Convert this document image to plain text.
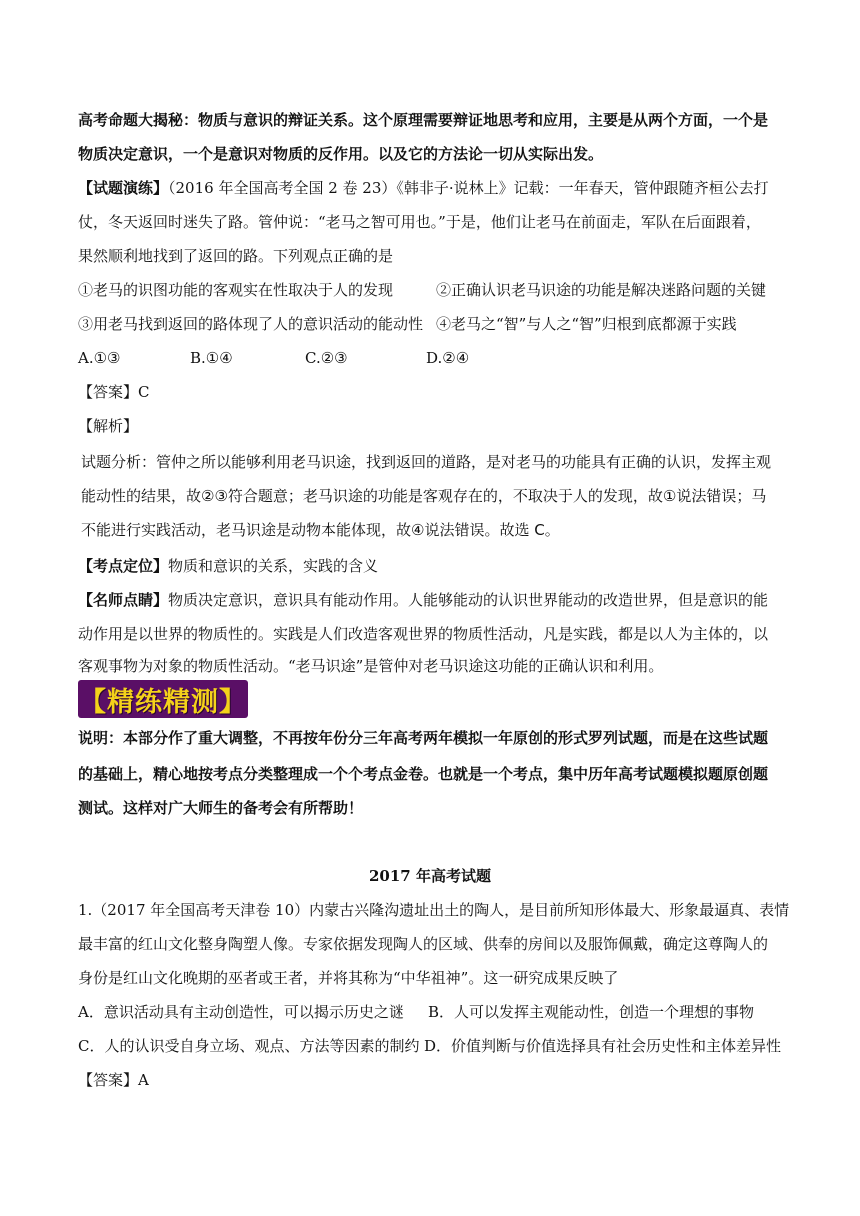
高考命题大揭秘：物质与意识的辩证关系。这个原理需要辩证地思考和应用，主要是从两个方面，一个是
物质决定意识，一个是意识对物质的反作用。以及它的方法论一切从实际出发。
【试题演练】（2016 年全国高考全国 2 卷 23）《韩非子·说林上》记载：一年春天，管仲跟随齐桓公去打
仗，冬天返回时迷失了路。管仲说：“老马之智可用也。”于是，他们让老马在前面走，军队在后面跟着，
果然顺利地找到了返回的路。下列观点正确的是
①老马的识图功能的客观实在性取决于人的发现	②正确认识老马识途的功能是解决迷路问题的关键
③用老马找到返回的路体现了人的意识活动的能动性 ④老马之“智”与人之“智”归根到底都源于实践
A.①③	B.①④	C.②③	D.②④
【答案】C
【解析】
试题分析：管仲之所以能够利用老马识途，找到返回的道路，是对老马的功能具有正确的认识，发挥主观
能动性的结果，故②③符合题意；老马识途的功能是客观存在的，不取决于人的发现，故①说法错误；马
不能进行实践活动，老马识途是动物本能体现，故④说法错误。故选 C。
【考点定位】物质和意识的关系，实践的含义
【名师点睛】物质决定意识，意识具有能动作用。人能够能动的认识世界能动的改造世界，但是意识的能
动作用是以世界的物质性的。实践是人们改造客观世界的物质性活动，凡是实践，都是以人为主体的，以
客观事物为对象的物质性活动。“老马识途”是管仲对老马识途这功能的正确认识和利用。
【精练精测】
说明：本部分作了重大调整，不再按年份分三年高考两年模拟一年原创的形式罗列试题，而是在这些试题
的基础上，精心地按考点分类整理成一个个考点金卷。也就是一个考点，集中历年高考试题模拟题原创题
测试。这样对广大师生的备考会有所帮助！
2017 年高考试题
1.（2017 年全国高考天津卷 10）内蒙古兴隆沟遗址出土的陶人，是目前所知形体最大、形象最逼真、表情
最丰富的红山文化整身陶塑人像。专家依据发现陶人的区域、供奉的房间以及服饰佩戴，确定这尊陶人的
身份是红山文化晚期的巫者或王者，并将其称为“中华祖神”。这一研究成果反映了
A．意识活动具有主动创造性，可以揭示历史之谜 B．人可以发挥主观能动性，创造一个理想的事物
C．人的认识受自身立场、观点、方法等因素的制约 D．价值判断与价值选择具有社会历史性和主体差异性
【答案】A
